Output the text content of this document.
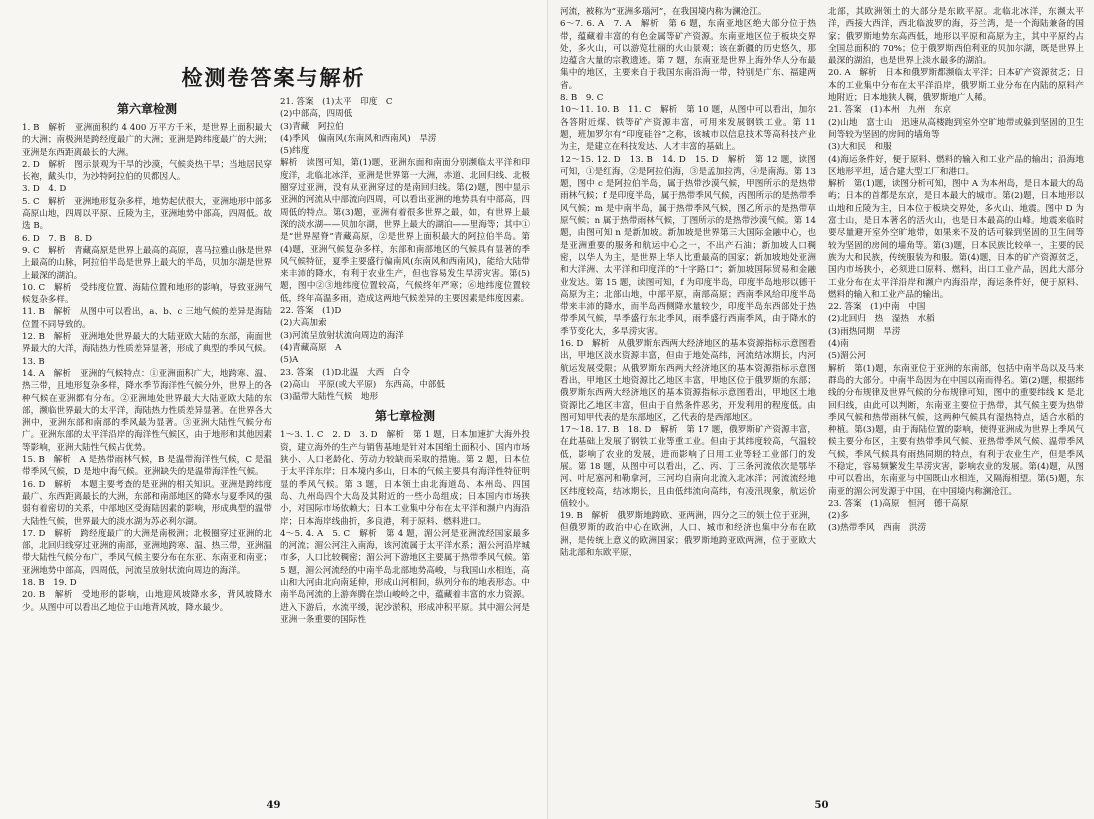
检测卷答案与解析
第六章检测

1. B　解析　亚洲面积约 4 400 万平方千米，是世界上面积最大的大洲；南极洲是跨经度最广的大洲；亚洲是跨纬度最广的大洲；亚洲是东西距离最长的大洲。

2. D　解析　图示景观为干旱的沙漠，气候炎热干旱；当地居民穿长袍，戴头巾，为沙特阿拉伯的贝都因人。

3. D　4. D

5. C　解析　亚洲地形复杂多样，地势起伏很大，亚洲地形中部多高原山地，四周以平原、丘陵为主，亚洲地势中部高，四周低。故选 B。

6. D　7. B　8. D

9. C　解析　青藏高原是世界上最高的高原，喜马拉雅山脉是世界上最高的山脉，阿拉伯半岛是世界上最大的半岛，贝加尔湖是世界上最深的湖泊。

10. C　解析　受纬度位置、海陆位置和地形的影响，导致亚洲气候复杂多样。

11. B　解析　从图中可以看出，a、b、c 三地气候的差异是海陆位置不同导致的。

12. B　解析　亚洲地处世界最大的大陆亚欧大陆的东部，南面世界最大的大洋，海陆热力性质差异显著，形成了典型的季风气候。

13. B

14. A　解析　亚洲的气候特点：①亚洲面积广大，地跨寒、温、热三带，且地形复杂多样，降水季节海洋性气候分外，世界上的各种气候在亚洲都有分布。②亚洲地处世界最大大陆亚欧大陆的东部，濒临世界最大的太平洋，海陆热力性质差异显著。在世界各大洲中，亚洲东部和南部的季风最为显著。③亚洲大陆性气候分布广。亚洲东部的太平洋沿岸的海洋性气候区，由于地形和其他因素等影响，亚洲大陆性气候占优势。

15. B　解析　A 是热带雨林气候，B 是温带海洋性气候，C 是温带季风气候，D 是地中海气候。亚洲缺失的是温带海洋性气候。

16. D　解析　本题主要考查的是亚洲的相关知识。亚洲是跨纬度最广、东西距离最长的大洲，东部和南部地区的降水与夏季风的强弱有着密切的关系，中部地区受海陆因素的影响，形成典型的温带大陆性气候，世界最大的淡水湖为苏必利尔湖。

17. D　解析　跨经度最广的大洲是南极洲；北极圈穿过亚洲的北部，北回归线穿过亚洲的南部，亚洲地跨寒、温、热三带，亚洲温带大陆性气候分布广，季风气候主要分布在东亚、东南亚和南亚；亚洲地势中部高，四周低，河流呈放射状流向周边的海洋。

18. B　19. D

20. B　解析　受地形的影响，山地迎风坡降水多，背风坡降水少。从图中可以看出乙地位于山地背风坡，降水最少。

21. 答案　(1)太平　印度　C

(2)中部高，四周低

(3)青藏　阿拉伯

(4)季风　偏南风(东南风和西南风)　旱涝

(5)纬度

解析　读图可知，第(1)题，亚洲东面和南面分别濒临太平洋和印度洋，北临北冰洋，亚洲是世界第一大洲，赤道、北回归线、北极圈穿过亚洲，没有从亚洲穿过的是南回归线。第(2)题，图中显示亚洲的河流从中部流向四周，可以看出亚洲的地势具有中部高，四周低的特点。第(3)题，亚洲有着很多世界之最，如，有世界上最深的淡水湖——贝加尔湖，世界上最大的湖泊——里海等；其中①是“世界屋脊”青藏高原，②是世界上面积最大的阿拉伯半岛。第(4)题，亚洲气候复杂多样，东部和南部地区的气候具有显著的季风气候特征，夏季主要盛行偏南风(东南风和西南风)，能给大陆带来丰沛的降水，有利于农业生产，但也容易发生旱涝灾害。第(5)题，图中②③地纬度位置较高，气候终年严寒；⑥地纬度位置较低，终年高温多雨，造成这两地气候差异的主要因素是纬度因素。

22. 答案　(1)D

(2)大高加索

(3)河流呈放射状流向周边的海洋

(4)青藏高原　A

(5)A

23. 答案　(1)D北温　大西　白令

(2)高山　平原(或大平原)　东西高，中部低

(3)温带大陆性气候　地形

第七章检测

1～3. 1. C　2. D　3. D　解析　第 1 题，日本加速扩大海外投资，建立海外的生产与销售基地是针对本国缩土面积小、国内市场狭小、人口老龄化、劳动力较缺而采取的措施。第 2 题，日本位于太平洋东岸；日本境内多山，日本的气候主要具有海洋性特征明显的季风气候。第 3 题，日本领土由北海道岛、本州岛、四国岛、九州岛四个大岛及其附近的一些小岛组成；日本国内市场狭小，对国际市场依赖大；日本工业集中分布在太平洋和濒户内海沿岸；日本海岸线曲折，多良港，利于原料、燃料进口。

4～5. 4. A　5. C　解析　第 4 题，湄公河是亚洲流经国家最多的河流；湄公河注入南海，该河流属于太平洋水系；湄公河沿岸城市多，人口比较稠密；湄公河下游地区主要属于热带季风气候。第 5 题，湄公河流经的中南半岛北部地势高峻，与我国山水相连，高山和大河由北向南延伸，形成山河相间，纵列分布的地表形态。中南半岛河流的上游奔腾在崇山峻岭之中，蕴藏着丰富的水力资源。进入下游后，水流平缓，泥沙淤积，形成冲积平原。其中湄公河是亚洲一条重要的国际性

49

河流，被称为“亚洲多瑙河”，在我国境内称为澜沧江。

6～7. 6. A　7. A　解析　第 6 题，东南亚地区绝大部分位于热带，蕴藏着丰富的有色金属等矿产资源。东南亚地区位于板块交界处，多火山，可以游览壮丽的火山景观；该在新疆的历史悠久，那边蕴含大量的宗教遗迹。第 7 题，东南亚是世界上海外华人分布最集中的地区，主要来自于我国东南沿海一带，特别是广东、福建两省。

8. B　9. C

10～11. 10. B　11. C　解析　第 10 题，从图中可以看出，加尔各答附近煤、铁等矿产资源丰富，可用来发展钢铁工业。第 11 题，班加罗尔有“印度硅谷”之称，该城市以信息技术等高科技产业为主，是建立在科技发达、人才丰富的基础上。

12～15. 12. D　13. B　14. D　15. D　解析　第 12 题，读图可知，①是红海，②是阿拉伯海，③是孟加拉湾，④是南海。第 13 题，图中 c 是阿拉伯半岛，属于热带沙漠气候，甲图所示的是热带雨林气候；f 是印度半岛，属于热带季风气候，丙图所示的是热带季风气候；m 是中南半岛，属于热带季风气候，图乙所示的是热带草原气候；n 属于热带雨林气候，丁图所示的是热带沙漠气候。第 14 题，由图可知 n 是新加坡。新加坡是世界第三大国际金融中心，也是亚洲重要的服务和航运中心之一，不出产石油；新加坡人口稠密，以华人为主，是世界上华人比重最高的国家；新加坡地处亚洲和大洋洲、太平洋和印度洋的“十字路口”；新加坡国际贸易和金融业发达。第 15 题，读图可知，f 为印度半岛，印度半岛地形以德干高原为主；北部山地，中部平原，南部高原；西南季风给印度半岛带来丰沛的降水，而半岛西侧降水量较少，印度半岛东西部处于热带季风气候，旱季盛行东北季风，雨季盛行西南季风，由于降水的季节变化大，多旱涝灾害。

16. D　解析　从俄罗斯东西两大经济地区的基本资源指标示意图看出，甲地区淡水资源丰富，但由于地处高纬，河流结冰期长，内河航运发展受限；从俄罗斯东西两大经济地区的基本资源指标示意图看出，甲地区土地资源比乙地区丰富，甲地区位于俄罗斯的东部；俄罗斯东西两大经济地区的基本资源指标示意图看出，甲地区土地资源比乙地区丰富，但由于自然条件恶劣，开发利用的程度低。由图可知甲代表的是东部地区，乙代表的是西部地区。

17～18. 17. B　18. D　解析　第 17 题，俄罗斯矿产资源丰富，在此基础上发展了钢铁工业等重工业。但由于其纬度较高，气温较低，影响了农业的发展，进而影响了日用工业等轻工业部门的发展。第 18 题，从图中可以看出，乙、丙、丁三条河流依次是鄂毕河、叶尼塞河和勒拿河，三河均自南向北流入北冰洋；河流流经地区纬度较高，结冰期长，且由低纬流向高纬，有凌汛现象，航运价值较小。

19. B　解析　俄罗斯地跨欧、亚两洲，四分之三的领土位于亚洲，但俄罗斯的政治中心在欧洲，人口、城市和经济也集中分布在欧洲，是传统上意义的欧洲国家；俄罗斯地跨亚欧两洲，位于亚欧大陆北部和东欧平原，

北部，其欧洲领土的大部分是东欧平原。北临北冰洋，东濒太平洋，西接大西洋，西北临波罗的海，芬兰湾，是一个海陆兼备的国家；俄罗斯地势东高西低，地形以平原和高原为主，其中平原约占全国总面积的 70%；位于俄罗斯西伯利亚的贝加尔湖，既是世界上最深的湖泊，也是世界上淡水最多的湖泊。

20. A　解析　日本和俄罗斯都濒临太平洋；日本矿产资源贫乏；日本的工业集中分布在太平洋沿岸，俄罗斯工业分布在内陆的原料产地附近；日本地狭人稠，俄罗斯地广人稀。

21. 答案　(1)本州　九州　东京

(2)山地　富士山　迅速从高楼跑到室外空旷地带或躲到坚固的卫生间等较为坚固的房间的墙角等

(3)大和民　和服

(4)海运条件好，便于原料、燃料的输入和工业产品的输出；沿海地区地形平坦，适合建大型工厂和港口。

解析　第(1)题，读图分析可知，图中 A 为本州岛，是日本最大的岛屿；日本的首都是东京，是日本最大的城市。第(2)题，日本地形以山地和丘陵为主，日本位于板块交界处，多火山、地震。图中 D 为富士山，是日本著名的活火山，也是日本最高的山峰。地震来临时要尽量避开室外空旷地带，如果来不及的话可躲到坚固的卫生间等较为坚固的房间的墙角等。第(3)题，日本民族比较单一，主要的民族为大和民族，传统服装为和服。第(4)题，日本的矿产资源贫乏，国内市场狭小，必须进口原料、燃料，出口工业产品，因此大部分工业分布在太平洋沿岸和濒户内海沿岸，海运条件好，便于原料、燃料的输入和工业产品的输出。

22. 答案　(1)中南　中国

(2)北回归　热　湿热　水稻

(3)雨热同期　旱涝

(4)南

(5)湄公河

解析　第(1)题，东南亚位于亚洲的东南部，包括中南半岛以及马来群岛的大部分。中南半岛因为在中国以南而得名。第(2)题，根据纬线的分布规律及世界气候的分布规律可知，图中的重要纬线 K 是北回归线，由此可以判断，东南亚主要位于热带，其气候主要为热带季风气候和热带雨林气候，这两种气候具有湿热特点，适合水稻的种植。第(3)题，由于海陆位置的影响，使得亚洲成为世界上季风气候主要分布区，主要有热带季风气候、亚热带季风气候、温带季风气候，季风气候具有雨热同期的特点，有利于农业生产，但是季风不稳定，容易频繁发生旱涝灾害，影响农业的发展。第(4)题，从图中可以看出，东南亚与中国既山水相连，又隔海相望。第(5)题，东南亚的湄公河发源于中国，在中国境内称澜沧江。

23. 答案　(1)高原　恒河　德干高原

(2)多

(3)热带季风　西南　洪涝

50
